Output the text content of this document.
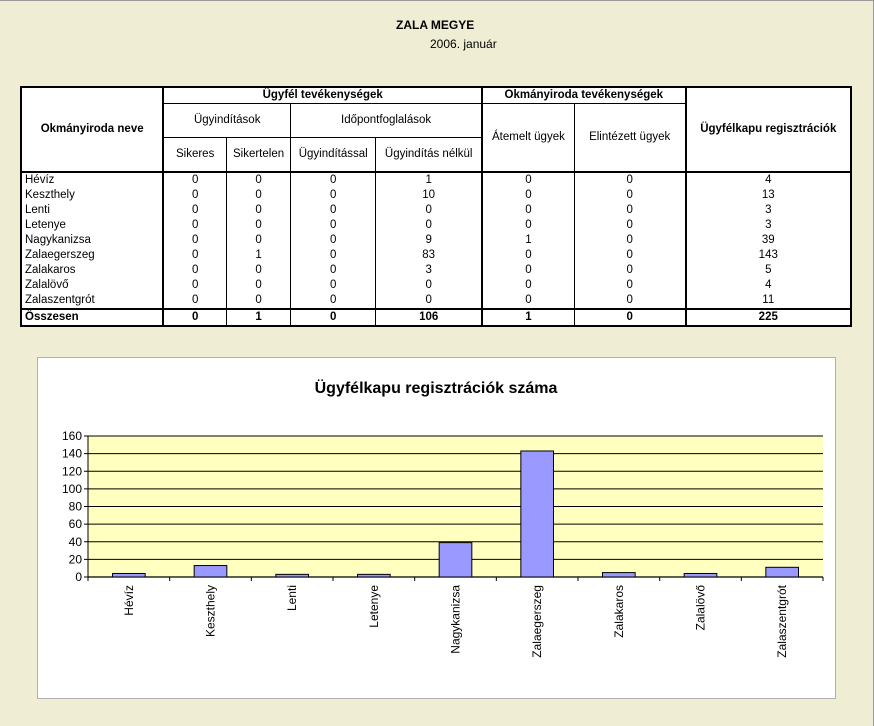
ZALA MEGYE
2006. január
Okmányiroda neve	Ügyfél tevékenységek				Okmányiroda tevékenységek		Ügyfélkapu regisztrációk
	Ügyindítások		Időpontfoglalások		Átemelt ügyek	Elintézett ügyek	
	Sikeres	Sikertelen	Ügyindítással	Ügyindítás nélkül			
Hévíz	0	0	0	1	0	0	4
Keszthely	0	0	0	10	0	0	13
Lenti	0	0	0	0	0	0	3
Letenye	0	0	0	0	0	0	3
Nagykanizsa	0	0	0	9	1	0	39
Zalaegerszeg	0	1	0	83	0	0	143
Zalakaros	0	0	0	3	0	0	5
Zalalövő	0	0	0	0	0	0	4
Zalaszentgrót	0	0	0	0	0	0	11
Összesen	0	1	0	106	1	0	225
Ügyfélkapu regisztrációk száma
0
20
40
60
80
100
120
140
160
Hévíz	Keszthely	Lenti	Letenye	Nagykanizsa	Zalaegerszeg	Zalakaros	Zalalövő	Zalaszentgrót
